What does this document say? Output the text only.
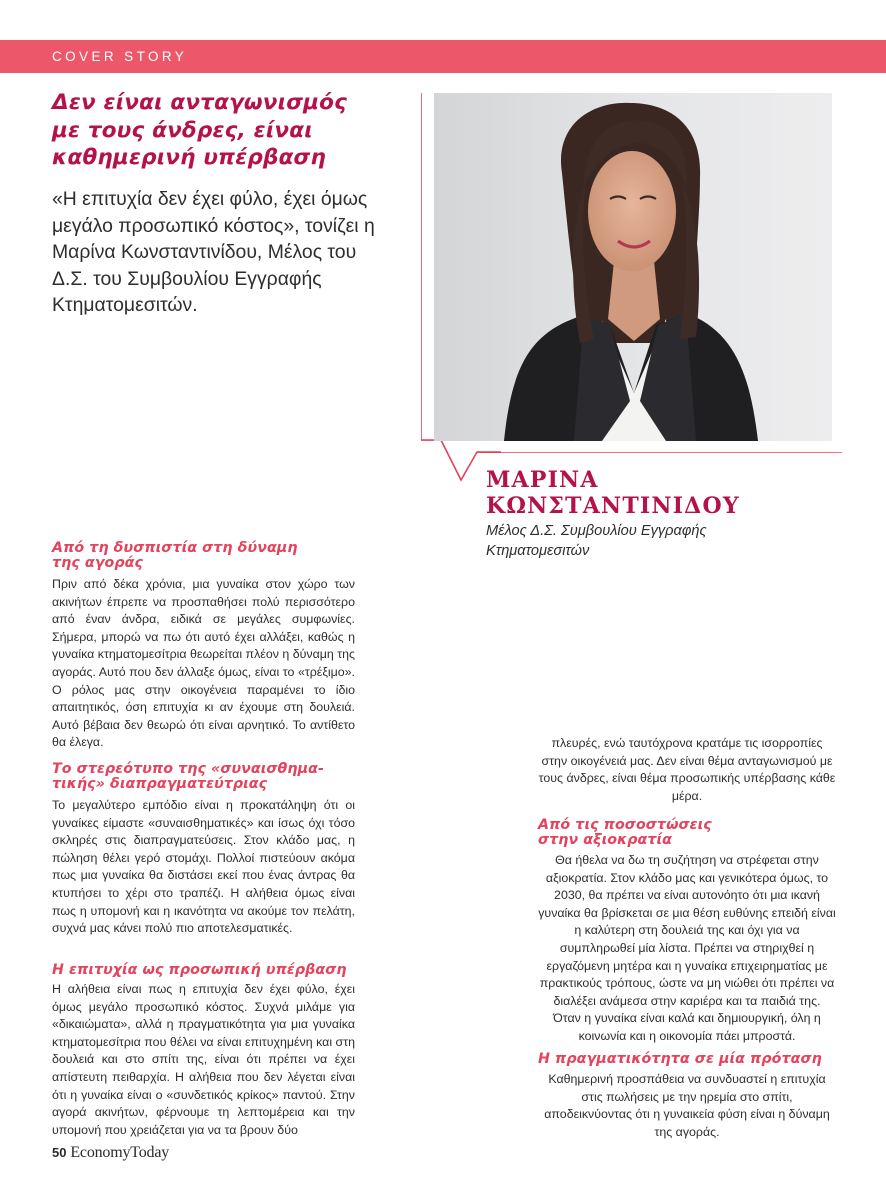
COVER STORY
Δεν είναι ανταγωνισμός
με τους άνδρες, είναι
καθημερινή υπέρβαση

«Η επιτυχία δεν έχει φύλο, έχει όμως μεγάλο προσωπικό κόστος», τονίζει η Μαρίνα Κωνσταντινίδου, Μέλος του Δ.Σ. του Συμβουλίου Εγγραφής Κτηματομεσιτών.

ΜΑΡΙΝΑ
ΚΩΝΣΤΑΝΤΙΝΙΔΟΥ
Μέλος Δ.Σ. Συμβουλίου Εγγραφής
Κτηματομεσιτών
Από τη δυσπιστία στη δύναμη
της αγοράς

Πριν από δέκα χρόνια, μια γυναίκα στον χώρο των ακινήτων έπρεπε να προσπαθήσει πολύ περισσότερο από έναν άνδρα, ειδικά σε μεγάλες συμφωνίες. Σήμερα, μπορώ να πω ότι αυτό έχει αλλάξει, καθώς η γυναίκα κτηματομεσίτρια θεωρείται πλέον η δύναμη της αγοράς. Αυτό που δεν άλλαξε όμως, είναι το «τρέξιμο». Ο ρόλος μας στην οικογένεια παραμένει το ίδιο απαιτητικός, όση επιτυχία κι αν έχουμε στη δουλειά. Αυτό βέβαια δεν θεωρώ ότι είναι αρνητικό. Το αντίθετο θα έλεγα.

Το στερεότυπο της «συναισθημα-
τικής» διαπραγματεύτριας

Το μεγαλύτερο εμπόδιο είναι η προκατάληψη ότι οι γυναίκες είμαστε «συναισθηματικές» και ίσως όχι τόσο σκληρές στις διαπραγματεύσεις. Στον κλάδο μας, η πώληση θέλει γερό στομάχι. Πολλοί πιστεύουν ακόμα πως μια γυναίκα θα διστάσει εκεί που ένας άντρας θα κτυπήσει το χέρι στο τραπέζι. Η αλήθεια όμως είναι πως η υπομονή και η ικανότητα να ακούμε τον πελάτη, συχνά μας κάνει πολύ πιο αποτελεσματικές.

Η επιτυχία ως προσωπική υπέρβαση

Η αλήθεια είναι πως η επιτυχία δεν έχει φύλο, έχει όμως μεγάλο προσωπικό κόστος. Συχνά μιλάμε για «δικαιώματα», αλλά η πραγματικότητα για μια γυναίκα κτηματομεσίτρια που θέλει να είναι επιτυχημένη και στη δουλειά και στο σπίτι της, είναι ότι πρέπει να έχει απίστευτη πειθαρχία. Η αλήθεια που δεν λέγεται είναι ότι η γυναίκα είναι ο «συνδετικός κρίκος» παντού. Στην αγορά ακινήτων, φέρνουμε τη λεπτομέρεια και την υπομονή που χρειάζεται για να τα βρουν δύο

πλευρές, ενώ ταυτόχρονα κρατάμε τις ισορροπίες στην οικογένειά μας. Δεν είναι θέμα ανταγωνισμού με τους άνδρες, είναι θέμα προσωπικής υπέρβασης κάθε μέρα.

Από τις ποσοστώσεις
στην αξιοκρατία

Θα ήθελα να δω τη συζήτηση να στρέφεται στην αξιοκρατία. Στον κλάδο μας και γενικότερα όμως, το 2030, θα πρέπει να είναι αυτονόητο ότι μια ικανή γυναίκα θα βρίσκεται σε μια θέση ευθύνης επειδή είναι η καλύτερη στη δουλειά της και όχι για να συμπληρωθεί μία λίστα. Πρέπει να στηριχθεί η εργαζόμενη μητέρα και η γυναίκα επιχειρηματίας με πρακτικούς τρόπους, ώστε να μη νιώθει ότι πρέπει να διαλέξει ανάμεσα στην καριέρα και τα παιδιά της. Όταν η γυναίκα είναι καλά και δημιουργική, όλη η κοινωνία και η οικονομία πάει μπροστά.

Η πραγματικότητα σε μία πρόταση

Καθημερινή προσπάθεια να συνδυαστεί η επιτυχία στις πωλήσεις με την ηρεμία στο σπίτι, αποδεικνύοντας ότι η γυναικεία φύση είναι η δύναμη της αγοράς.

50 EconomyToday
